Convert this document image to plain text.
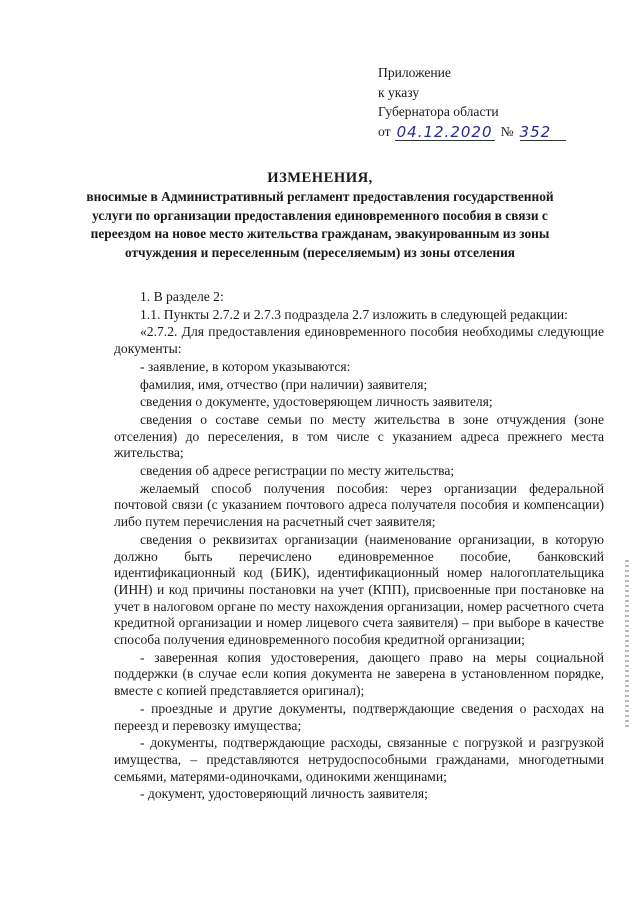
Приложение
к указу
Губернатора области
от 04.12.2020 № 352
ИЗМЕНЕНИЯ,
вносимые в Административный регламент предоставления государственной услуги по организации предоставления единовременного пособия в связи с переездом на новое место жительства гражданам, эвакуированным из зоны отчуждения и переселенным (переселяемым) из зоны отселения

1. В разделе 2:

1.1. Пункты 2.7.2 и 2.7.3 подраздела 2.7 изложить в следующей редакции:

«2.7.2. Для предоставления единовременного пособия необходимы следующие документы:

- заявление, в котором указываются:

фамилия, имя, отчество (при наличии) заявителя;

сведения о документе, удостоверяющем личность заявителя;

сведения о составе семьи по месту жительства в зоне отчуждения (зоне отселения) до переселения, в том числе с указанием адреса прежнего места жительства;

сведения об адресе регистрации по месту жительства;

желаемый способ получения пособия: через организации федеральной почтовой связи (с указанием почтового адреса получателя пособия и компенсации) либо путем перечисления на расчетный счет заявителя;

сведения о реквизитах организации (наименование организации, в которую должно быть перечислено единовременное пособие, банковский идентификационный код (БИК), идентификационный номер налогоплательщика (ИНН) и код причины постановки на учет (КПП), присвоенные при постановке на учет в налоговом органе по месту нахождения организации, номер расчетного счета кредитной организации и номер лицевого счета заявителя) – при выборе в качестве способа получения единовременного пособия кредитной организации;

- заверенная копия удостоверения, дающего право на меры социальной поддержки (в случае если копия документа не заверена в установленном порядке, вместе с копией представляется оригинал);

- проездные и другие документы, подтверждающие сведения о расходах на переезд и перевозку имущества;

- документы, подтверждающие расходы, связанные с погрузкой и разгрузкой имущества, – представляются нетрудоспособными гражданами, многодетными семьями, матерями-одиночками, одинокими женщинами;

- документ, удостоверяющий личность заявителя;
